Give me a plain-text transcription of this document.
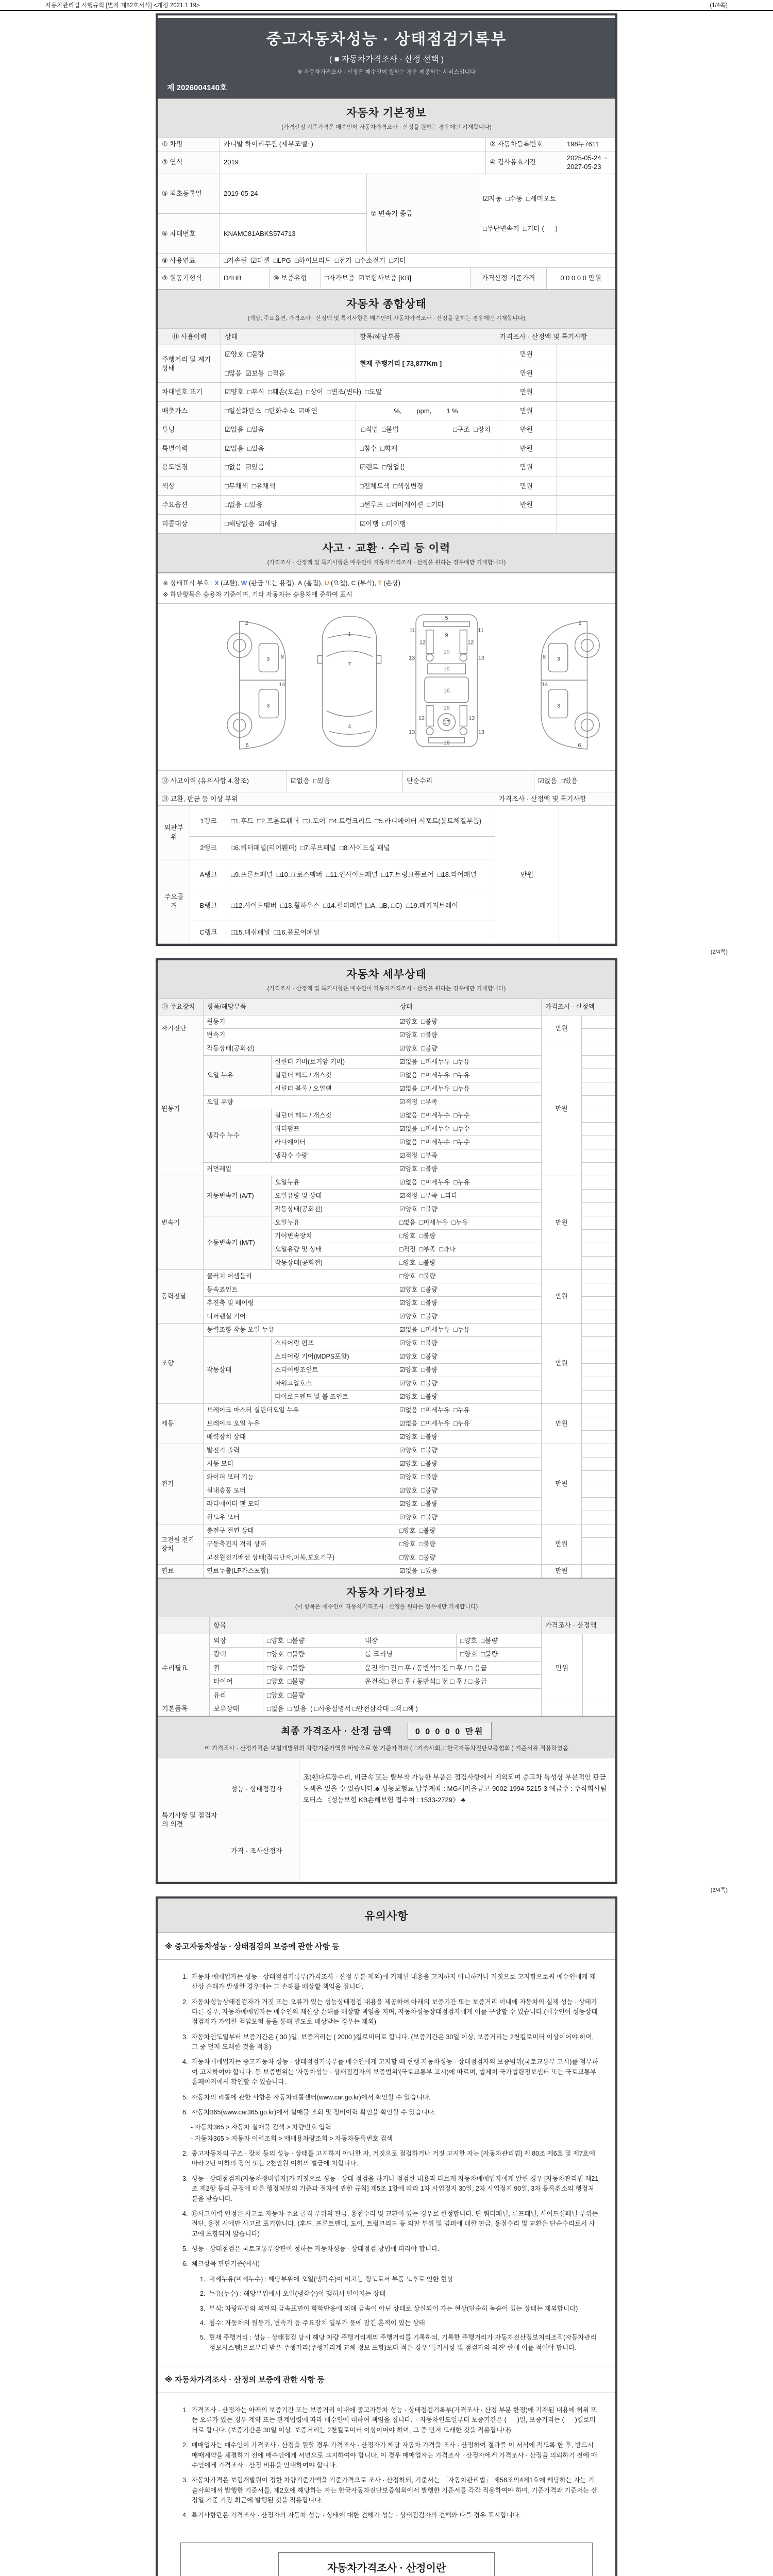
자동차관리법 시행규칙 [별지 제82호서식] <개정 2021.1.19>	(1/4쪽)
중고자동차성능 · 상태점검기록부
( ■ 자동차가격조사 · 산정 선택 )
※ 자동차가격조사 · 산정은 매수인이 원하는 경우 제공하는 서비스입니다
제 2026004140호
자동차 기본정보
(가격산정 기준가격은 매수인이 자동차가격조사 · 산정을 원하는 경우에만 기재합니다)
① 차명	카니발 하이리무진 (세부모델: )	② 자동차등록번호	198누7611
③ 연식	2019	④ 검사유효기간	2025-05-24 ~ 2027-05-23
⑤ 최초등록일	2019-05-24	⑦ 변속기 종류	☑자동  □수동  □세미오토

□무단변속기  □기타 (      )

⑥ 차대번호	KNAMC81ABKS574713		
⑧ 사용연료	□가솔린  ☑디젤  □LPG  □하이브리드  □전기  □수소전기  □기타
⑨ 원동기형식	D4HB	⑩ 보증유형	□자가보증  ☑보험사보증 [KB]	가격산정 기준가격	0 0 0 0 0 만원
자동차 종합상태
(색상, 주요옵션, 가격조사 · 산정액 및 특기사항은 매수인이 자동차가격조사 · 산정을 원하는 경우에만 기재합니다)
⑪ 사용이력	상태	항목/해당부품	가격조사 · 산정액 및 특기사항	
주행거리 및 계기상태	☑양호  □불량	현재 주행거리 [ 73,877Km ]	만원	
	□많음  ☑보통  □적음		만원	
차대번호 표기	☑양호  □부식  □훼손(오손)  □상이  □변조(변타)  □도말		만원	
배출가스	□일산화탄소  □탄화수소  ☑매연	%,        ppm,        1 %	만원	
튜닝	☑없음  □있음	□적법  □불법 □구조  □장치	만원	
특별이력	☑없음  □있음	□침수  □화재	만원	
용도변경	□없음  ☑있음	☑렌트  □영업용	만원	
색상	□무채색  □유채색	□전체도색  □색상변경	만원	
주요옵션	□없음  □있음	□썬루프  □네비게이션  □기타	만원	
리콜대상	□해당없음  ☑해당	☑이행  □미이행		
사고 · 교환 · 수리 등 이력
(가격조사 · 산정액 및 특기사항은 매수인이 자동차가격조사 · 산정을 원하는 경우에만 기재합니다)
※ 상태표시 부호 : X (교환), W (판금 또는 용접), A (흠집), U (요철), C (부식), T (손상)
※ 하단항목은 승용차 기준이며, 기타 자동차는 승용차에 준하여 표시
2
8
3
14
3
6
1
7
4
5
9
11	11
12	12
13	13
10
15
16
19
13	13
12	12
17
18
2
8 3
14
3
6
⑫ 사고이력 (유의사항 4.참조)	☑없음  □있음	단순수리	☑없음  □있음
⑬ 교환, 판금 등 이상 부위			가격조사 · 산정액 및 특기사항	
외판부위	1랭크	□1.후드  □2.프론트휀더  □3.도어  □4.트렁크리드  □5.라디에이터 서포트(볼트체결부품)	만원	
	2랭크	□6.쿼터패널(리어휀더)  □7.루프패널  □8.사이드실 패널		
주요골격	A랭크	□9.프론트패널  □10.크로스멤버  □11.인사이드패널  □17.트렁크플로어  □18.리어패널		
	B랭크	□12.사이드멤버  □13.휠하우스  □14.필러패널 (□A, □B, □C)  □19.패키지트레이		
	C랭크	□15.대쉬패널  □16.플로어패널		
(2/4쪽)
자동차 세부상태
(가격조사 · 산정액 및 특기사항은 매수인이 자동차가격조사 · 산정을 원하는 경우에만 기재합니다)
⑭ 주요장치	항목/해당부품		상태	가격조사 · 산정액	
자기진단	원동기		☑양호  □불량	만원	
	변속기		☑양호  □불량		
원동기	작동상태(공회전)		☑양호  □불량	만원	
	오일 누유	실린더 커버(로커암 커버)	☑없음  □미세누유  □누유		
		실린더 헤드 / 개스킷	☑없음  □미세누유  □누유		
		실린더 블록 / 오일팬	☑없음  □미세누유  □누유		
	오일 유량		☑적정  □부족		
	냉각수 누수	실린더 헤드 / 개스킷	☑없음  □미세누수  □누수		
		워터펌프	☑없음  □미세누수  □누수		
		라디에이터	☑없음  □미세누수  □누수		
		냉각수 수량	☑적정  □부족		
	커먼레일		☑양호  □불량		
변속기	자동변속기 (A/T)	오일누유	☑없음  □미세누유  □누유	만원	
		오일유량 및 상태	☑적정  □부족  □과다		
		작동상태(공회전)	☑양호  □불량		
	수동변속기 (M/T)	오일누유	□없음  □미세누유  □누유		
		기어변속장치	□양호  □불량		
		오일유량 및 상태	□적정  □부족  □과다		
		작동상태(공회전)	□양호  □불량		
동력전달	클러치 어셈블리		□양호  □불량	만원	
	등속죠인트		☑양호  □불량		
	추진축 및 베어링		☑양호  □불량		
	디퍼렌셜 기어		☑양호  □불량		
조향	동력조향 작동 오일 누유		☑없음  □미세누유  □누유	만원	
	작동상태	스티어링 펌프	☑양호  □불량		
		스티어링 기어(MDPS포함)	☑양호  □불량		
		스티어링조인트	☑양호  □불량		
		파워고압호스	☑양호  □불량		
		타이로드엔드 및 볼 조인트	☑양호  □불량		
제동	브레이크 마스터 실린더오일 누유		☑없음  □미세누유  □누유	만원	
	브레이크 오일 누유		☑없음  □미세누유  □누유		
	배력장치 상태		☑양호  □불량		
전기	발전기 출력		☑양호  □불량	만원	
	시동 모터		☑양호  □불량		
	와이퍼 모터 기능		☑양호  □불량		
	실내송풍 모터		☑양호  □불량		
	라디에이터 팬 모터		☑양호  □불량		
	윈도우 모터		☑양호  □불량		
고전원 전기장치	충전구 절연 상태		□양호  □불량	만원	
	구동축전지 격리 상태		□양호  □불량		
	고전원전기배선 상태(접속단자,피복,보호기구)		□양호  □불량		
연료	연료누출(LP가스포함)		☑없음  □있음	만원	
자동차 기타정보
(이 항목은 매수인이 자동차가격조사 · 산정을 원하는 경우에만 기재합니다)
	항목				가격조사 · 산정액	
수리필요	외장	□양호  □불량	내장	□양호  □불량	만원	
	광택	□양호  □불량	룸 크리닝	□양호  □불량		
	휠	□양호  □불량	운전석□ 전 □ 후 / 동반석□ 전 □ 후 / □ 응급			
	타이어	□양호  □불량	운전석□ 전 □ 후 / 동반석□ 전 □ 후 / □ 응급			
	유리	□양호  □불량				
기본품목	보유상태	□없음  □ 있음  ( □사용설명서 □안전삼각대 □잭 □잭 )				
최종 가격조사 · 산정 금액	0 0 0 0 0 만원
이 가격조사 · 산정가격은 보험개발원의 차량기준가액을 바탕으로 한 기준가격과 ( □기술사회, □한국자동차진단보증협회 ) 기준서를 적용하였음
특기사항 및 점검자의 의견	성능 · 상태점검자	조)휀다도장수리, 비금속 또는 탈부착 가능한 부품은 점검사항에서 제외되며 중고차 특성상 부분적인 판금도색은 있을 수 있습니다.♣ 성능보험료 납부계좌 : MG새마을금고 9002-1994-5215-3 예금주 : 주식회사팀모터스 《성능보험 KB손해보험 접수처 : 1533-2729》 ♣
	가격 · 조사산정자	
(3/4쪽)
유의사항
※ 중고자동차성능 · 상태점검의 보증에 관한 사항 등
1.  자동차 매매업자는 성능 · 상태점검기록부(가격조사 · 산정 부분 제외)에 기재된 내용을 고지하지 아니하거나 거짓으로 고지함으로써 매수인에게 재산상 손해가 발생한 경우에는 그 손해를 배상할 책임을 집니다.
2.  자동차성능상태점검자가 거짓 또는 오류가 있는 성능상태점검 내용을 제공하여 아래의 보증기간 또는 보증거리 이내에 자동차의 실제 성능 · 상태가 다른 경우, 자동차매매업자는 매수인의 재산상 손해를 배상할 책임을 지며, 자동차성능상태점검자에게 이를 구상할 수 있습니다.(매수인이 성능상태점검자가 가입한 책임보험 등을 통해 별도로 배상받는 경우는 제외)
3.  자동차인도일부터 보증기간은 ( 30 )일, 보증거리는 ( 2000 )킬로미터로 합니다. (보증기간은 30일 이상, 보증거리는 2천킬로미터 이상이어야 하며, 그 중 먼저 도래한 것을 적용)
4.  자동차매매업자는 중고자동차 성능 · 상태점검기록부를 매수인에게 고지할 때 현행 자동차성능 · 상태점검자의 보증범위(국토교통부 고시)를 첨부하여 고지하여야 합니다. 동 보증범위는 '자동차성능 · 상태점검자의 보증범위'(국토교통부 고시)에 따르며, 법제처 국가법령정보센터 또는 국토교통부 홈페이지에서 확인할 수 있습니다.
5.  자동차의 리콜에 관한 사항은 자동차리콜센터(www.car.go.kr)에서 확인할 수 있습니다.
6.  자동차365(www.car365.go.kr)에서 실매물 조회 및 정비이력 확인을 확인할 수 있습니다.
- 자동차365 > 자동차 실매물 검색 > 차량번호 입력
- 자동차365 > 자동차 이력조회 > 매매용차량조회 > 자동차등록번호 검색
2.  중고자동차의 구조 · 장치 등의 성능 · 상태를 고지하지 아니한 자, 거짓으로 점검하거나 거짓 고지한 자는 [자동차관리법] 제 80조 제6호 및 제7호에 따라 2년 이하의 징역 또는 2천만원 이하의 벌금에 처합니다.
3.  성능 · 상태점검자(자동차정비업자)가 거짓으로 성능 · 상태 점검을 하거나 점검한 내용과 다르게 자동차매매업자에게 알린 경우 [자동차관리법 제21조 제2항 등의 규정에 따른 행정처분의 기준과 절차에 관한 규칙] 제5조 1항에 따라 1차 사업정지 30일, 2차 사업정지 90일, 3차 등록취소의 행정처분을 받습니다.
4.  ⑫사고이력 인정은 사고로 자동차 주요 골격 부위의 판금, 용접수리 및 교환이 있는 경우로 한정합니다. 단 쿼터패널, 루프패널, 사이드실패널 부위는 절단, 용접 시에만 사고로 표기합니다. (후드, 프론트펜더, 도어, 트렁크리드 등 외판 부위 및 범퍼에 대한 판금, 용접수리 및 교환은 단순수리로서 사고에 포함되지 않습니다)
5.  성능 · 상태점검은 국토교통부장관이 정하는 자동차성능 · 상태점검 방법에 따라야 합니다.
6.  체크항목 판단기준(예시)
1.  미세누유(미세누수) : 해당부위에 오일(냉각수)이 비치는 정도로서 부품 노후로 인한 현상
2.  누유(누수) : 해당부위에서 오일(냉각수)이 맺혀서 떨어지는 상태
3.  부식: 차량하부와 외판의 금속표면이 화학반응에 의해 금속이 아닌 상태로 상실되어 가는 현상(단순히 녹슬어 있는 상태는 제외합니다)
4.  침수: 자동차의 원동기, 변속기 등 주요장치 일부가 물에 잠긴 흔적이 있는 상태
5.  현재 주행거리 : 성능 · 상태점검 당시 해당 차량 주행거리계의 주행거리를 기록하되, 기록한 주행거리가 자동차전산정보처리조직(자동차관리정보시스템)으로부터 받은 주행거리(주행거리계 교체 정보 포함)보다 적은 경우 '특기사항 및 점검자의 의견' 란에 이를 적어야 합니다.
※ 자동차가격조사 · 산정의 보증에 관한 사항 등
1.  가격조사 · 산정자는 아래의 보증기간 또는 보증거리 이내에 중고자동차 성능 · 상태점검기록부(가격조사 · 산정 부분 한정)에 기재된 내용에 허위 또는 오류가 있는 경우 계약 또는 관계법령에 따라 매수인에 대하여 책임을 집니다.  · 자동차인도일부터 보증기간은 (      )일, 보증거리는 (      )킬로미터로 합니다. (보증기간은 30일 이상, 보증거리는 2천킬로미터 이상이어야 하며, 그 중 먼저 도래한 것을 적용합니다)
2.  매매업자는 매수인이 가격조사 · 산정을 원할 경우 가격조사 · 산정자가 해당 자동차 가격을 조사 · 산정하여 결과를 이 서식에 적도록 한 후, 반드시 매매계약을 체결하기 전에 매수인에게 서면으로 고지하여야 합니다. 이 경우 매매업자는 가격조사 · 산정자에게 가격조사 · 산정을 의뢰하기 전에 매수인에게 가격조사 · 산정 비용을 안내하여야 합니다.
3.  자동차가격은 보험개발원이 정한 차량기준가액을 기준가격으로 조사 · 산정하되, 기준서는 「자동차관리법」 제58조의4제1호에 해당하는 자는 기술사회에서 발행한 기준서를, 제2호에 해당하는 자는 한국자동차진단보증협회에서 발행한 기준서를 각각 적용하여야 하며, 기준가격과 기준서는 산정일 기준 가장 최근에 발행된 것을 적용합니다.
4.  특기사항란은 가격조사 · 산정자의 자동차 성능 · 상태에 대한 견해가 성능 · 상태점검자의 견해와 다를 경우 표시합니다.
자동차가격조사 · 산정이란
